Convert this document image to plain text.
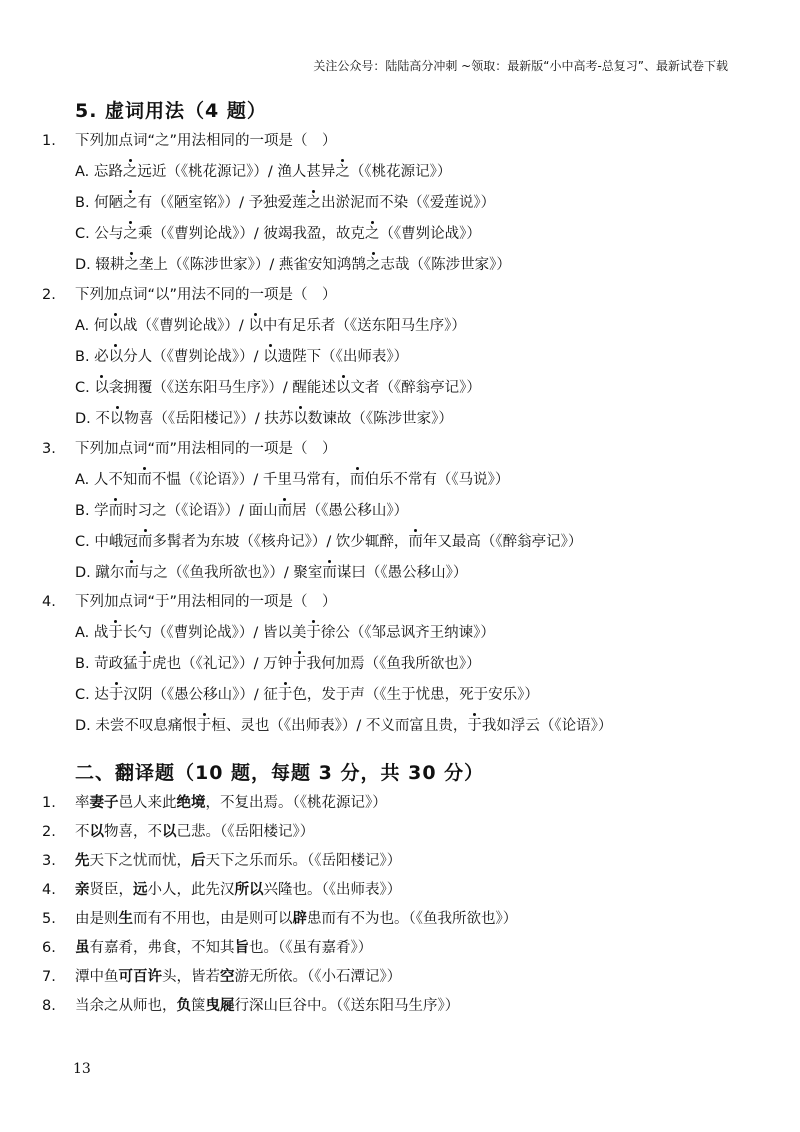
关注公众号：陆陆高分冲刺 ~领取：最新版“小中高考-总复习”、最新试卷下载
5. 虚词用法（4 题）
1. 下列加点词“之”用法相同的一项是（　）
A. 忘路之远近（《桃花源记》）/ 渔人甚异之（《桃花源记》）
B. 何陋之有（《陋室铭》）/ 予独爱莲之出淤泥而不染（《爱莲说》）
C. 公与之乘（《曹刿论战》）/ 彼竭我盈，故克之（《曹刿论战》）
D. 辍耕之垄上（《陈涉世家》）/ 燕雀安知鸿鹄之志哉（《陈涉世家》）
2. 下列加点词“以”用法不同的一项是（　）
A. 何以战（《曹刿论战》）/ 以中有足乐者（《送东阳马生序》）
B. 必以分人（《曹刿论战》）/ 以遗陛下（《出师表》）
C. 以衾拥覆（《送东阳马生序》）/ 醒能述以文者（《醉翁亭记》）
D. 不以物喜（《岳阳楼记》）/ 扶苏以数谏故（《陈涉世家》）
3. 下列加点词“而”用法相同的一项是（　）
A. 人不知而不愠（《论语》）/ 千里马常有，而伯乐不常有（《马说》）
B. 学而时习之（《论语》）/ 面山而居（《愚公移山》）
C. 中峨冠而多髯者为东坡（《核舟记》）/ 饮少辄醉，而年又最高（《醉翁亭记》）
D. 蹴尔而与之（《鱼我所欲也》）/ 聚室而谋曰（《愚公移山》）
4. 下列加点词“于”用法相同的一项是（　）
A. 战于长勺（《曹刿论战》）/ 皆以美于徐公（《邹忌讽齐王纳谏》）
B. 苛政猛于虎也（《礼记》）/ 万钟于我何加焉（《鱼我所欲也》）
C. 达于汉阴（《愚公移山》）/ 征于色，发于声（《生于忧患，死于安乐》）
D. 未尝不叹息痛恨于桓、灵也（《出师表》）/ 不义而富且贵，于我如浮云（《论语》）
二、翻译题（10 题，每题 3 分，共 30 分）
1. 率妻子邑人来此绝境，不复出焉。（《桃花源记》）
2. 不以物喜，不以己悲。（《岳阳楼记》）
3. 先天下之忧而忧，后天下之乐而乐。（《岳阳楼记》）
4. 亲贤臣，远小人，此先汉所以兴隆也。（《出师表》）
5. 由是则生而有不用也，由是则可以辟患而有不为也。（《鱼我所欲也》）
6. 虽有嘉肴，弗食，不知其旨也。（《虽有嘉肴》）
7. 潭中鱼可百许头，皆若空游无所依。（《小石潭记》）
8. 当余之从师也，负箧曳屣行深山巨谷中。（《送东阳马生序》）
13
